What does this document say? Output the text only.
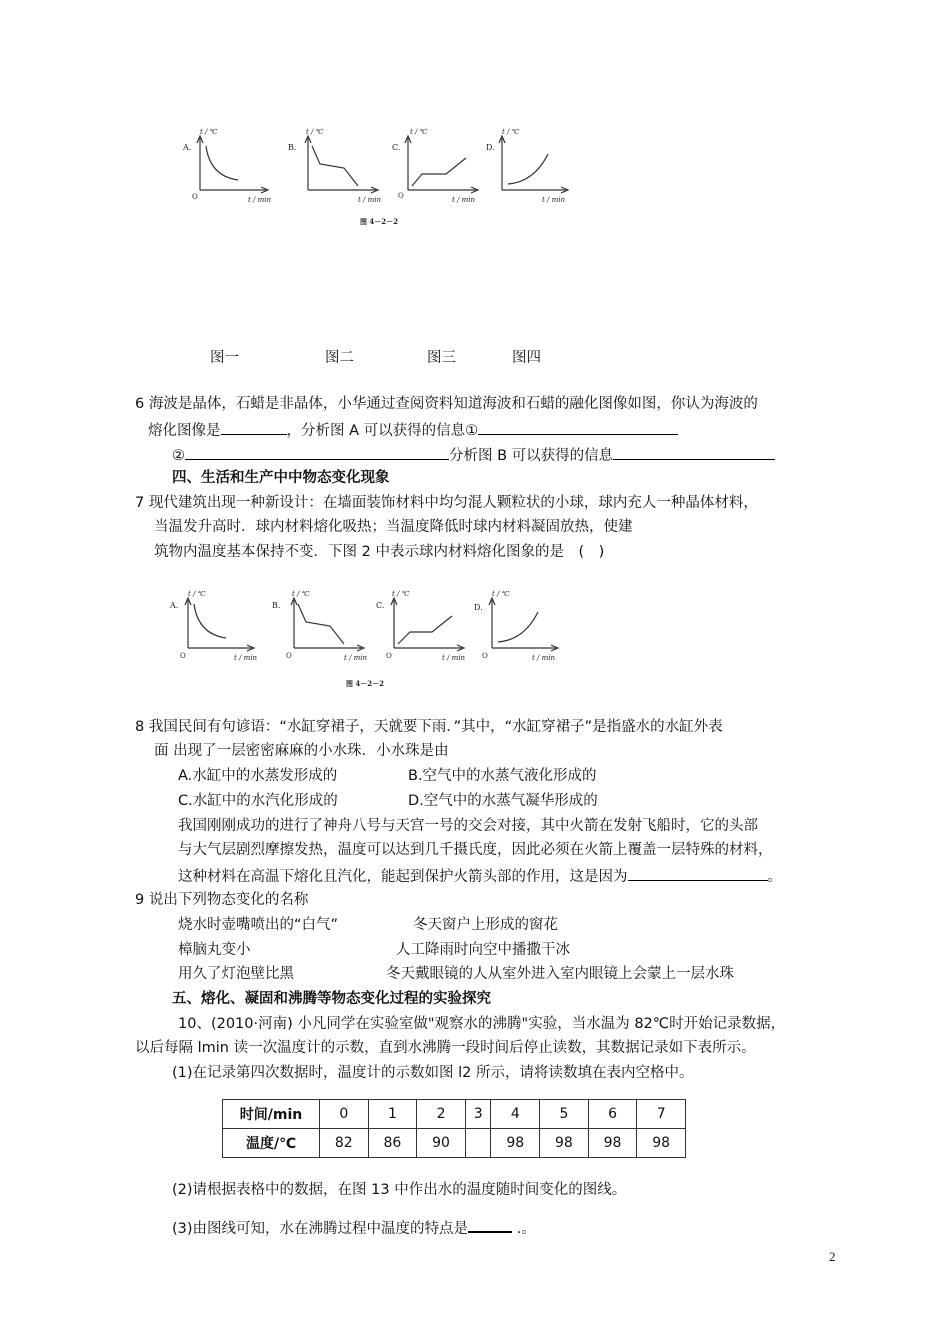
A.
t / ℃
O	t / min
B.
t / ℃
t / min
C.
t / ℃
O	t / min
D.
t / ℃
t / min
图 4－2－2
图一	图二	图三	图四
6 海波是晶体，石蜡是非晶体，小华通过查阅资料知道海波和石蜡的融化图像如图，你认为海波的
熔化图像是	，分析图 A 可以获得的信息①
②	分析图 B 可以获得的信息
四、生活和生产中中物态变化现象
7 现代建筑出现一种新设计：在墙面装饰材料中均匀混人颗粒状的小球，球内充人一种晶体材料，
当温发升高时．球内材料熔化吸热；当温度降低时球内材料凝固放热，使建
筑物内温度基本保持不变．下图 2 中表示球内材料熔化图象的是　(　)
A.
t / ℃
O	t / min
B.
t / ℃
O	t / min
C.
t / ℃
O	t / min
D.
t / ℃
O	t / min
图 4－2－2
8 我国民间有句谚语：“水缸穿裙子，天就要下雨．”其中，“水缸穿裙子”是指盛水的水缸外表
面 出现了一层密密麻麻的小水珠．小水珠是由
A.水缸中的水蒸发形成的	B.空气中的水蒸气液化形成的
C.水缸中的水汽化形成的	D.空气中的水蒸气凝华形成的
我国刚刚成功的进行了神舟八号与天宫一号的交会对接，其中火箭在发射飞船时，它的头部
与大气层剧烈摩擦发热，温度可以达到几千摄氏度，因此必须在火箭上覆盖一层特殊的材料，
这种材料在高温下熔化且汽化，能起到保护火箭头部的作用，这是因为	。
9 说出下列物态变化的名称
烧水时壶嘴喷出的“白气”	冬天窗户上形成的窗花
樟脑丸变小	人工降雨时向空中播撒干冰
用久了灯泡壁比黑	冬天戴眼镜的人从室外进入室内眼镜上会蒙上一层水珠
五、熔化、凝固和沸腾等物态变化过程的实验探究
10、(2010·河南) 小凡同学在实验室做"观察水的沸腾"实验，当水温为 82℃时开始记录数据，
以后每隔 lmin 读一次温度计的示数，直到水沸腾一段时间后停止读数，其数据记录如下表所示。
(1)在记录第四次数据时，温度计的示数如图 l2 所示，请将读数填在表内空格中。
时间/min	0	1	2	3	4	5	6	7
温度/℃	82	86	90		98	98	98	98
(2)请根据表格中的数据，在图 13 中作出水的温度随时间变化的图线。
(3)由图线可知，水在沸腾过程中温度的特点是	.。
2
